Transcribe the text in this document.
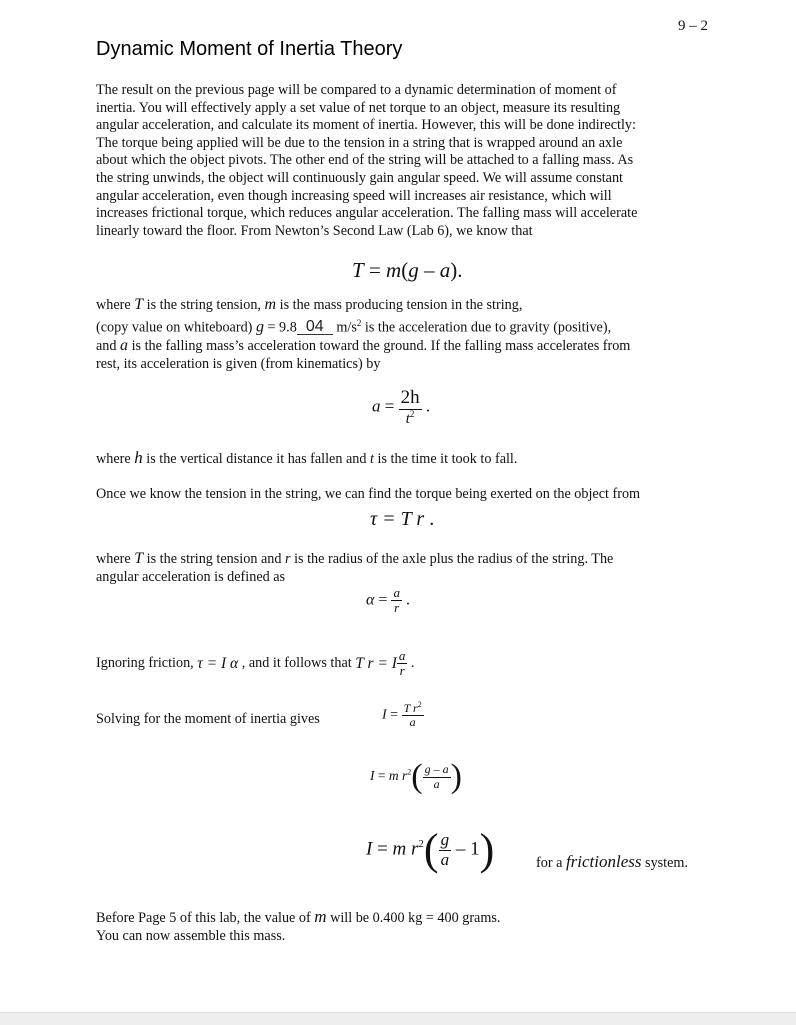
9 – 2
Dynamic Moment of Inertia Theory
The result on the previous page will be compared to a dynamic determination of moment of
inertia. You will effectively apply a set value of net torque to an object, measure its resulting
angular acceleration, and calculate its moment of inertia. However, this will be done indirectly:
The torque being applied will be due to the tension in a string that is wrapped around an axle
about which the object pivots. The other end of the string will be attached to a falling mass. As
the string unwinds, the object will continuously gain angular speed. We will assume constant
angular acceleration, even though increasing speed will increases air resistance, which will
increases frictional torque, which reduces angular acceleration. The falling mass will accelerate
linearly toward the floor. From Newton’s Second Law (Lab 6), we know that
T = m(g – a).
where T is the string tension, m is the mass producing tension in the string,
(copy value on whiteboard) g = 9.8 04 $m/s^2$ is the acceleration due to gravity (positive),
and a is the falling mass’s acceleration toward the ground. If the falling mass accelerates from
rest, its acceleration is given (from kinematics) by
$a = \frac{2h}{t^2}$ .
where h is the vertical distance it has fallen and t is the time it took to fall.
Once we know the tension in the string, we can find the torque being exerted on the object from
τ = T r .
where T is the string tension and r is the radius of the axle plus the radius of the string. The
angular acceleration is defined as
$\alpha = \frac{a}{r}$ .
Ignoring friction, τ = I α , and it follows that T r = I $\frac{a}{r}$ .
Solving for the moment of inertia gives	$I = \frac{T r^2}{a}$
I = m $r^2( \frac{g - a}{a}$ )
I = m $r^2( \frac{g}{a} - 1)$	for a frictionless system.
Before Page 5 of this lab, the value of m will be 0.400 kg = 400 grams.
You can now assemble this mass.
